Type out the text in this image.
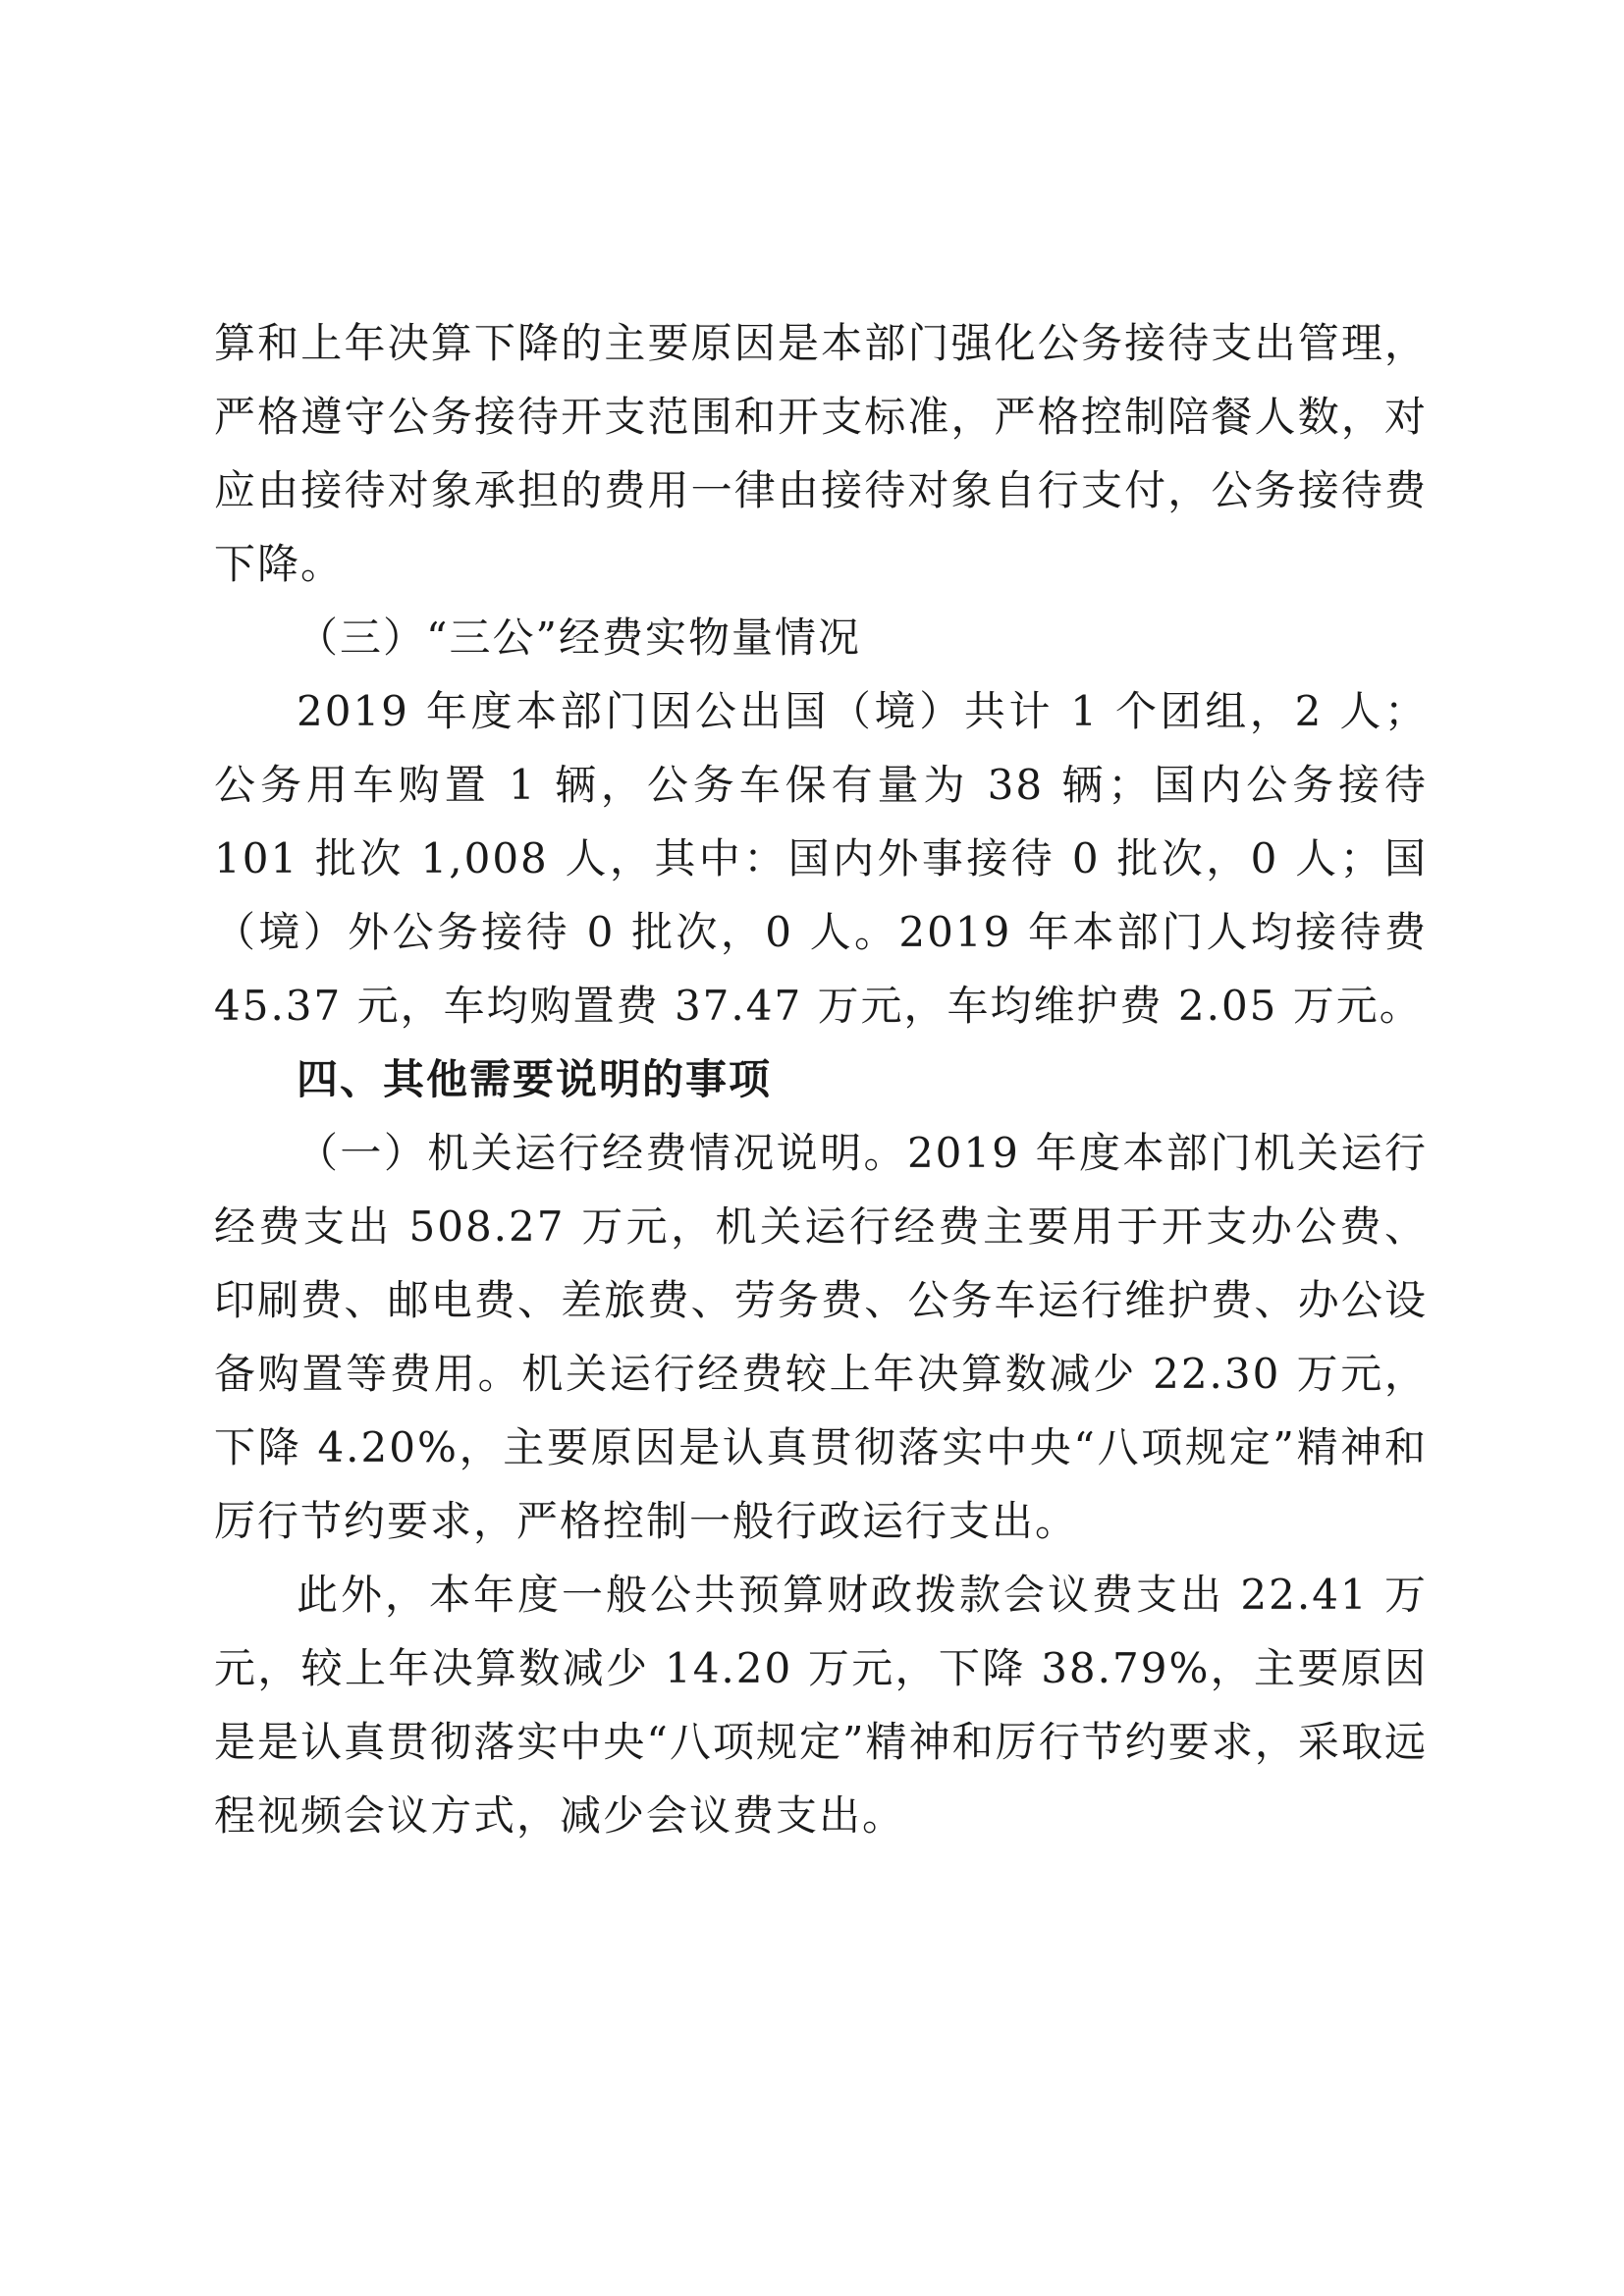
算和上年决算下降的主要原因是本部门强化公务接待支出管理，严格遵守公务接待开支范围和开支标准，严格控制陪餐人数，对应由接待对象承担的费用一律由接待对象自行支付，公务接待费下降。

（三）“三公”经费实物量情况

2019 年度本部门因公出国（境）共计 1 个团组，2 人；公务用车购置 1 辆，公务车保有量为 38 辆；国内公务接待 101 批次 1,008 人，其中：国内外事接待 0 批次，0 人；国（境）外公务接待 0 批次，0 人。2019 年本部门人均接待费 45.37 元，车均购置费 37.47 万元，车均维护费 2.05 万元。

四、其他需要说明的事项

（一）机关运行经费情况说明。2019 年度本部门机关运行经费支出 508.27 万元，机关运行经费主要用于开支办公费、印刷费、邮电费、差旅费、劳务费、公务车运行维护费、办公设备购置等费用。机关运行经费较上年决算数减少 22.30 万元，下降 4.20%，主要原因是认真贯彻落实中央“八项规定”精神和厉行节约要求，严格控制一般行政运行支出。

此外，本年度一般公共预算财政拨款会议费支出 22.41 万元，较上年决算数减少 14.20 万元，下降 38.79%，主要原因是是认真贯彻落实中央“八项规定”精神和厉行节约要求，采取远程视频会议方式，减少会议费支出。
